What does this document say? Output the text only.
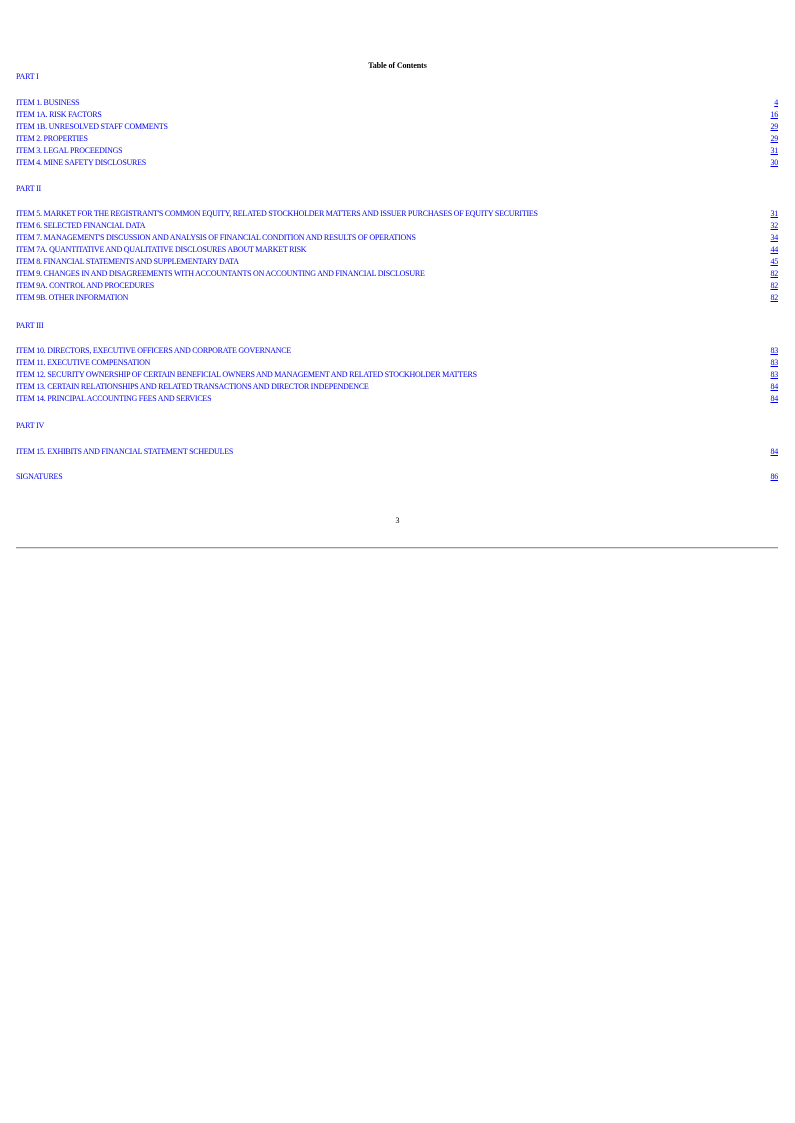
Table of Contents
PART I
ITEM 1. BUSINESS	4
ITEM 1A. RISK FACTORS	16
ITEM 1B. UNRESOLVED STAFF COMMENTS	29
ITEM 2. PROPERTIES	29
ITEM 3. LEGAL PROCEEDINGS	31
ITEM 4. MINE SAFETY DISCLOSURES	30
PART II
ITEM 5. MARKET FOR THE REGISTRANT'S COMMON EQUITY, RELATED STOCKHOLDER MATTERS AND ISSUER PURCHASES OF EQUITY SECURITIES	31
ITEM 6. SELECTED FINANCIAL DATA	32
ITEM 7. MANAGEMENT'S DISCUSSION AND ANALYSIS OF FINANCIAL CONDITION AND RESULTS OF OPERATIONS	34
ITEM 7A. QUANTITATIVE AND QUALITATIVE DISCLOSURES ABOUT MARKET RISK	44
ITEM 8. FINANCIAL STATEMENTS AND SUPPLEMENTARY DATA	45
ITEM 9. CHANGES IN AND DISAGREEMENTS WITH ACCOUNTANTS ON ACCOUNTING AND FINANCIAL DISCLOSURE	82
ITEM 9A. CONTROL AND PROCEDURES	82
ITEM 9B. OTHER INFORMATION	82
PART III
ITEM 10. DIRECTORS, EXECUTIVE OFFICERS AND CORPORATE GOVERNANCE	83
ITEM 11. EXECUTIVE COMPENSATION	83
ITEM 12. SECURITY OWNERSHIP OF CERTAIN BENEFICIAL OWNERS AND MANAGEMENT AND RELATED STOCKHOLDER MATTERS	83
ITEM 13. CERTAIN RELATIONSHIPS AND RELATED TRANSACTIONS AND DIRECTOR INDEPENDENCE	84
ITEM 14. PRINCIPAL ACCOUNTING FEES AND SERVICES	84
PART IV
ITEM 15. EXHIBITS AND FINANCIAL STATEMENT SCHEDULES	84
SIGNATURES	86
3
